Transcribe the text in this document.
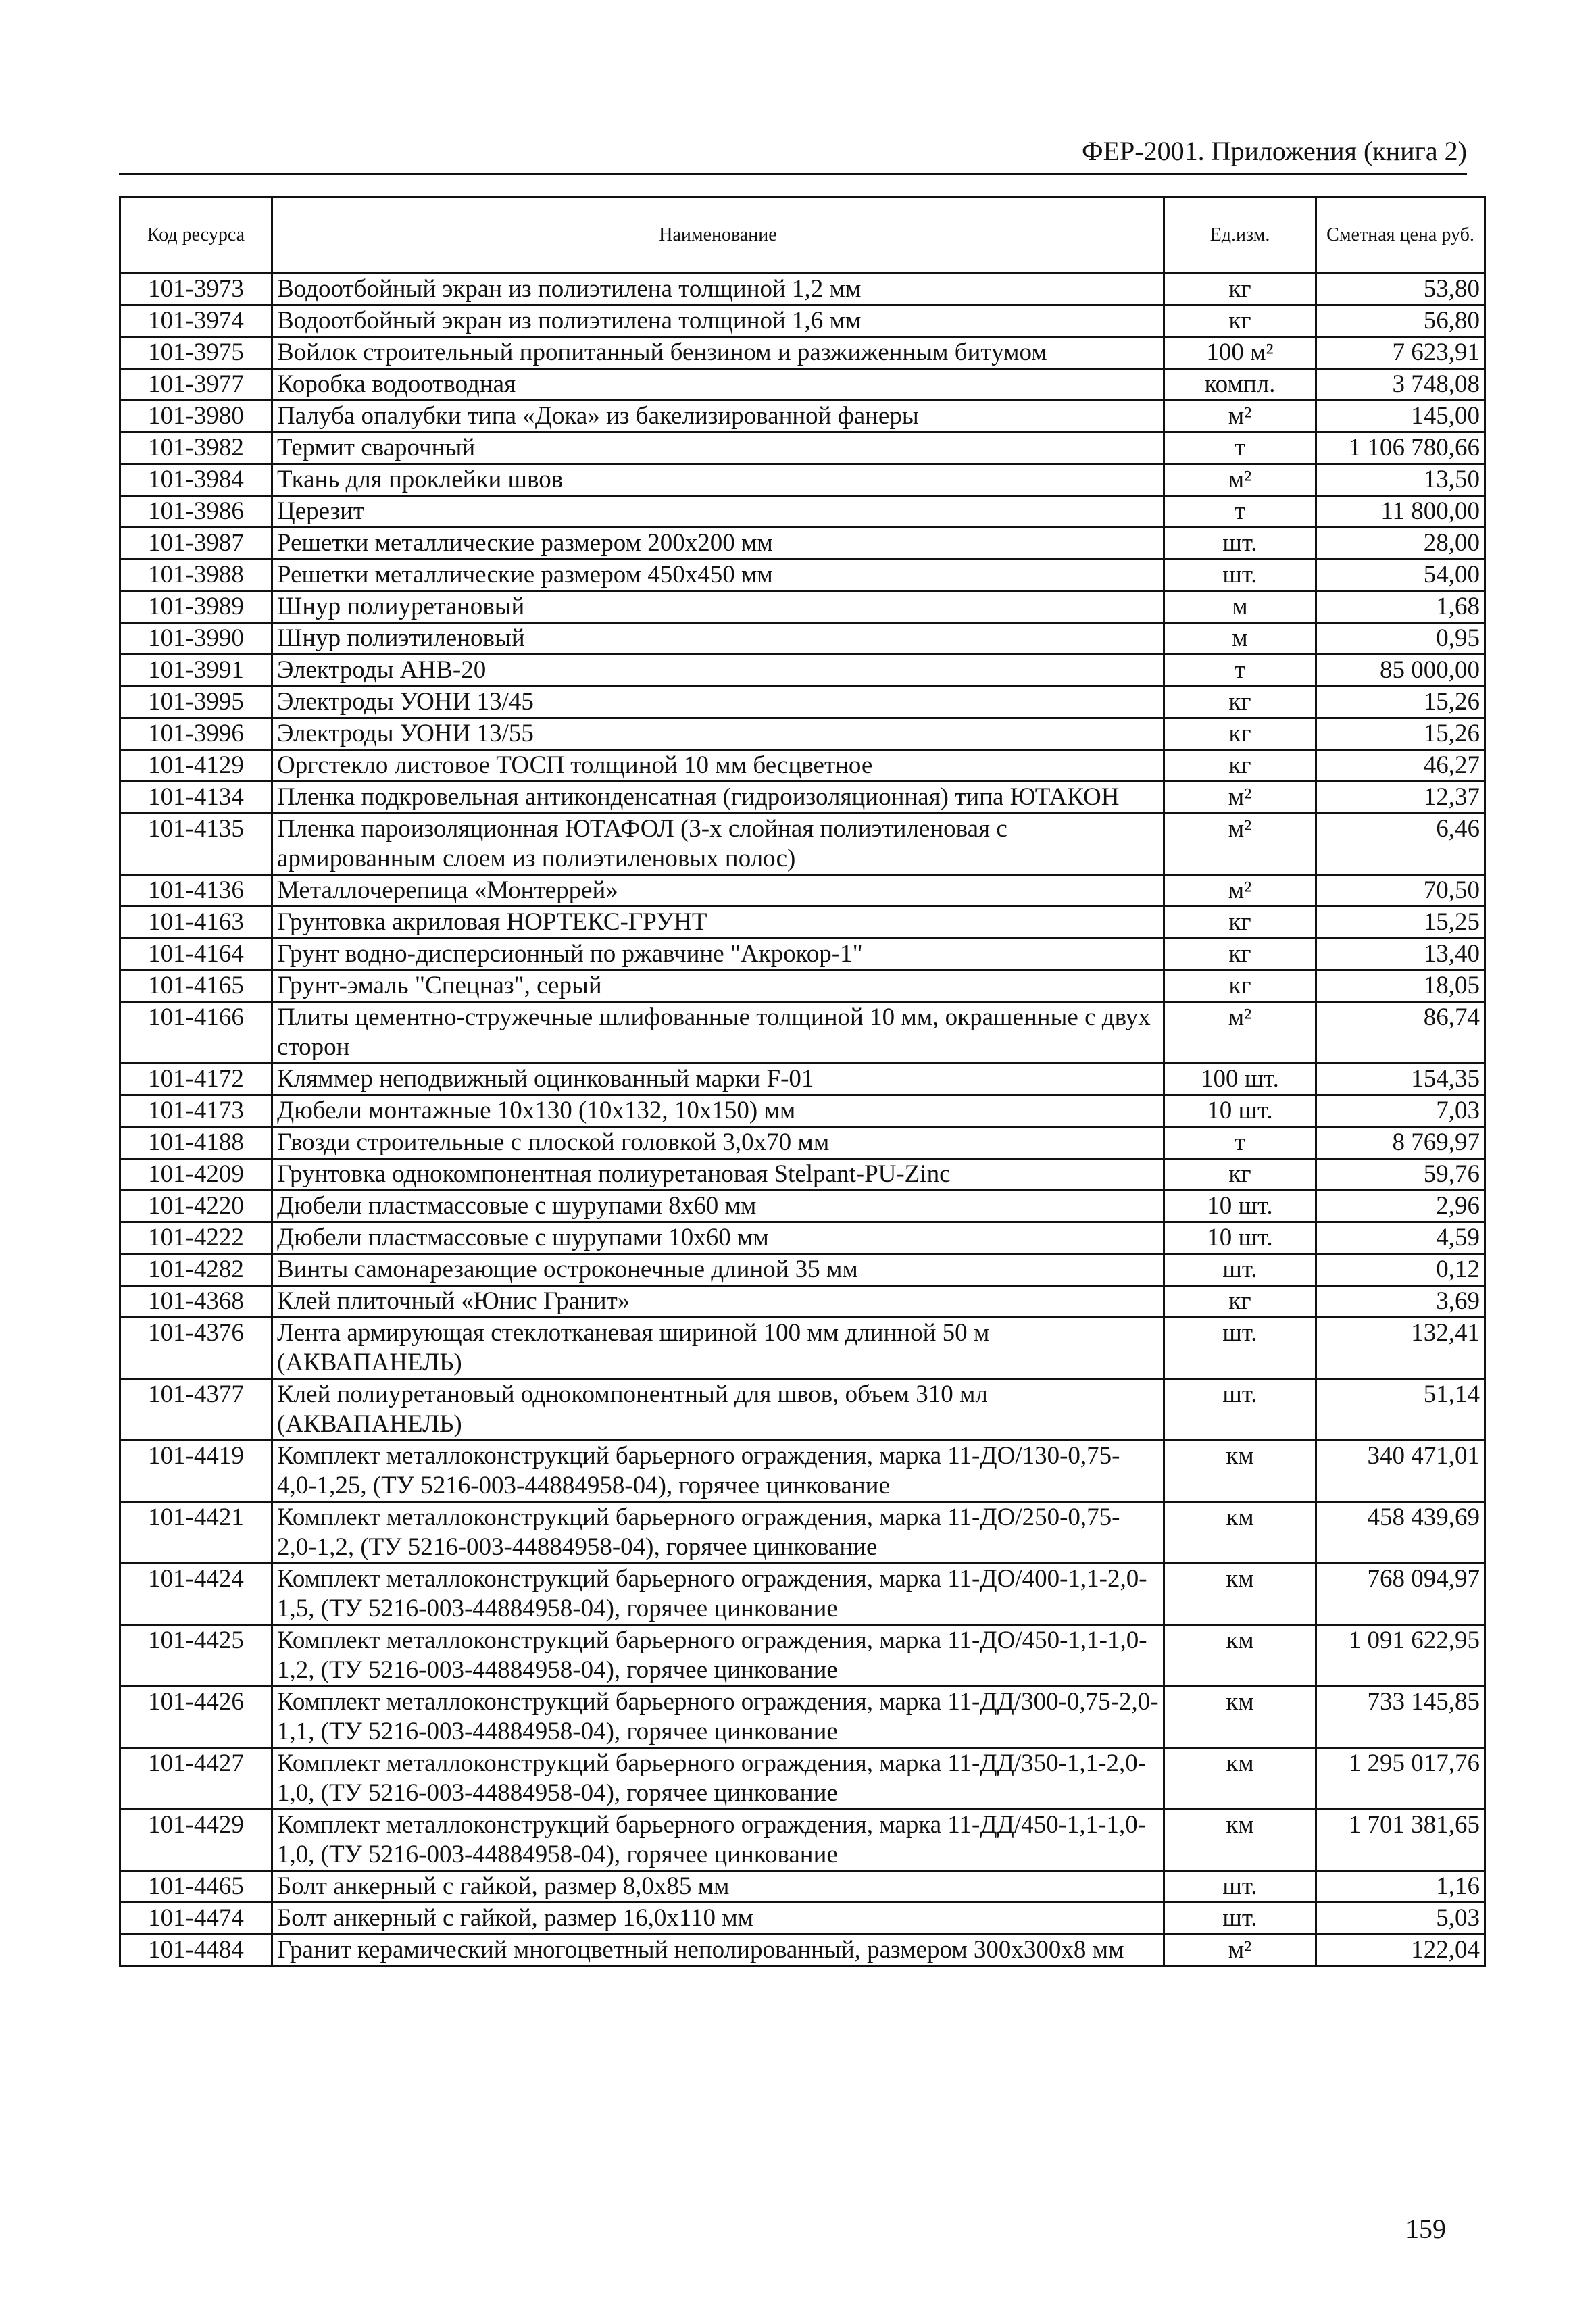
ФЕР-2001. Приложения (книга 2)
Код ресурса	Наименование	Ед.изм.	Сметная цена руб.
101-3973	Водоотбойный экран из полиэтилена толщиной 1,2 мм	кг	53,80
101-3974	Водоотбойный экран из полиэтилена толщиной 1,6 мм	кг	56,80
101-3975	Войлок строительный пропитанный бензином и разжиженным битумом	100 м²	7 623,91
101-3977	Коробка водоотводная	компл.	3 748,08
101-3980	Палуба опалубки типа «Дока» из бакелизированной фанеры	м²	145,00
101-3982	Термит сварочный	т	1 106 780,66
101-3984	Ткань для проклейки швов	м²	13,50
101-3986	Церезит	т	11 800,00
101-3987	Решетки металлические размером 200х200 мм	шт.	28,00
101-3988	Решетки металлические размером 450х450 мм	шт.	54,00
101-3989	Шнур полиуретановый	м	1,68
101-3990	Шнур полиэтиленовый	м	0,95
101-3991	Электроды АНВ-20	т	85 000,00
101-3995	Электроды УОНИ 13/45	кг	15,26
101-3996	Электроды УОНИ 13/55	кг	15,26
101-4129	Оргстекло листовое ТОСП толщиной 10 мм бесцветное	кг	46,27
101-4134	Пленка подкровельная антиконденсатная (гидроизоляционная) типа ЮТАКОН	м²	12,37
101-4135	Пленка пароизоляционная ЮТАФОЛ (3-х слойная полиэтиленовая с армированным слоем из полиэтиленовых полос)	м²	6,46
101-4136	Металлочерепица «Монтеррей»	м²	70,50
101-4163	Грунтовка акриловая НОРТЕКС-ГРУНТ	кг	15,25
101-4164	Грунт водно-дисперсионный по ржавчине "Акрокор-1"	кг	13,40
101-4165	Грунт-эмаль "Спецназ", серый	кг	18,05
101-4166	Плиты цементно-стружечные шлифованные толщиной 10 мм, окрашенные с двух сторон	м²	86,74
101-4172	Кляммер неподвижный оцинкованный марки F-01	100 шт.	154,35
101-4173	Дюбели монтажные 10х130 (10х132, 10х150) мм	10 шт.	7,03
101-4188	Гвозди строительные с плоской головкой 3,0х70 мм	т	8 769,97
101-4209	Грунтовка однокомпонентная полиуретановая Stelpant-PU-Zinc	кг	59,76
101-4220	Дюбели пластмассовые с шурупами 8х60 мм	10 шт.	2,96
101-4222	Дюбели пластмассовые с шурупами 10х60 мм	10 шт.	4,59
101-4282	Винты самонарезающие остроконечные длиной 35 мм	шт.	0,12
101-4368	Клей плиточный «Юнис Гранит»	кг	3,69
101-4376	Лента армирующая стеклотканевая шириной 100 мм длинной 50 м (АКВАПАНЕЛЬ)	шт.	132,41
101-4377	Клей полиуретановый однокомпонентный для швов, объем 310 мл (АКВАПАНЕЛЬ)	шт.	51,14
101-4419	Комплект металлоконструкций барьерного ограждения, марка 11-ДО/130-0,75-4,0-1,25, (ТУ 5216-003-44884958-04), горячее цинкование	км	340 471,01
101-4421	Комплект металлоконструкций барьерного ограждения, марка 11-ДО/250-0,75-2,0-1,2, (ТУ 5216-003-44884958-04), горячее цинкование	км	458 439,69
101-4424	Комплект металлоконструкций барьерного ограждения, марка 11-ДО/400-1,1-2,0-1,5, (ТУ 5216-003-44884958-04), горячее цинкование	км	768 094,97
101-4425	Комплект металлоконструкций барьерного ограждения, марка 11-ДО/450-1,1-1,0-1,2, (ТУ 5216-003-44884958-04), горячее цинкование	км	1 091 622,95
101-4426	Комплект металлоконструкций барьерного ограждения, марка 11-ДД/300-0,75-2,0-1,1, (ТУ 5216-003-44884958-04), горячее цинкование	км	733 145,85
101-4427	Комплект металлоконструкций барьерного ограждения, марка 11-ДД/350-1,1-2,0-1,0, (ТУ 5216-003-44884958-04), горячее цинкование	км	1 295 017,76
101-4429	Комплект металлоконструкций барьерного ограждения, марка 11-ДД/450-1,1-1,0-1,0, (ТУ 5216-003-44884958-04), горячее цинкование	км	1 701 381,65
101-4465	Болт анкерный с гайкой, размер 8,0х85 мм	шт.	1,16
101-4474	Болт анкерный с гайкой, размер 16,0х110 мм	шт.	5,03
101-4484	Гранит керамический многоцветный неполированный, размером 300х300х8 мм	м²	122,04
159
